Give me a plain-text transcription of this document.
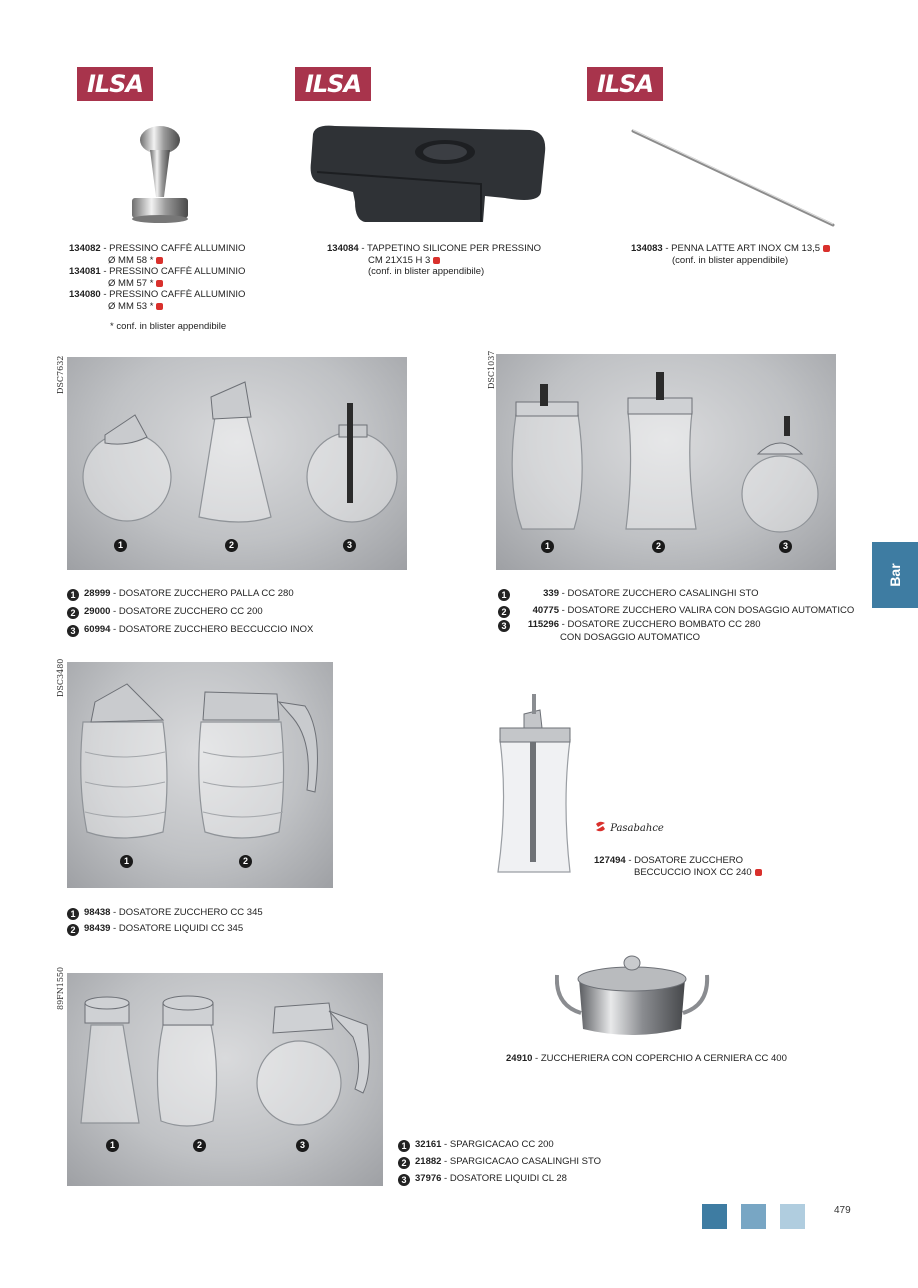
ILSA	ILSA	ILSA
134082 - PRESSINO CAFFÈ ALLUMINIO
Ø MM 58 *
134081 - PRESSINO CAFFÈ ALLUMINIO
Ø MM 57 *
134080 - PRESSINO CAFFÈ ALLUMINIO
Ø MM 53 *
* conf. in blister appendibile
134084 - TAPPETINO SILICONE PER PRESSINO
CM 21X15 H 3
(conf. in blister appendibile)
134083 - PENNA LATTE ART INOX CM 13,5
(conf. in blister appendibile)
DSC7632
1	2	3
DSC1037
1	2	3
1 28999 - DOSATORE ZUCCHERO PALLA CC 280
2 29000 - DOSATORE ZUCCHERO CC 200
3 60994 - DOSATORE ZUCCHERO BECCUCCIO INOX
1	339 - DOSATORE ZUCCHERO CASALINGHI STO
2	40775 - DOSATORE ZUCCHERO VALIRA CON DOSAGGIO AUTOMATICO
3 115296 - DOSATORE ZUCCHERO BOMBATO CC 280
CON DOSAGGIO AUTOMATICO
DSC3480
1	2
1 98438 - DOSATORE ZUCCHERO CC 345
2 98439 - DOSATORE LIQUIDI CC 345
Pasabahce
127494 - DOSATORE ZUCCHERO
BECCUCCIO INOX CC 240
24910 - ZUCCHERIERA CON COPERCHIO A CERNIERA CC 400
89FN1550
1	2	3	1 32161 - SPARGICACAO CC 200
2 21882 - SPARGICACAO CASALINGHI STO
3 37976 - DOSATORE LIQUIDI CL 28
Bar
479
